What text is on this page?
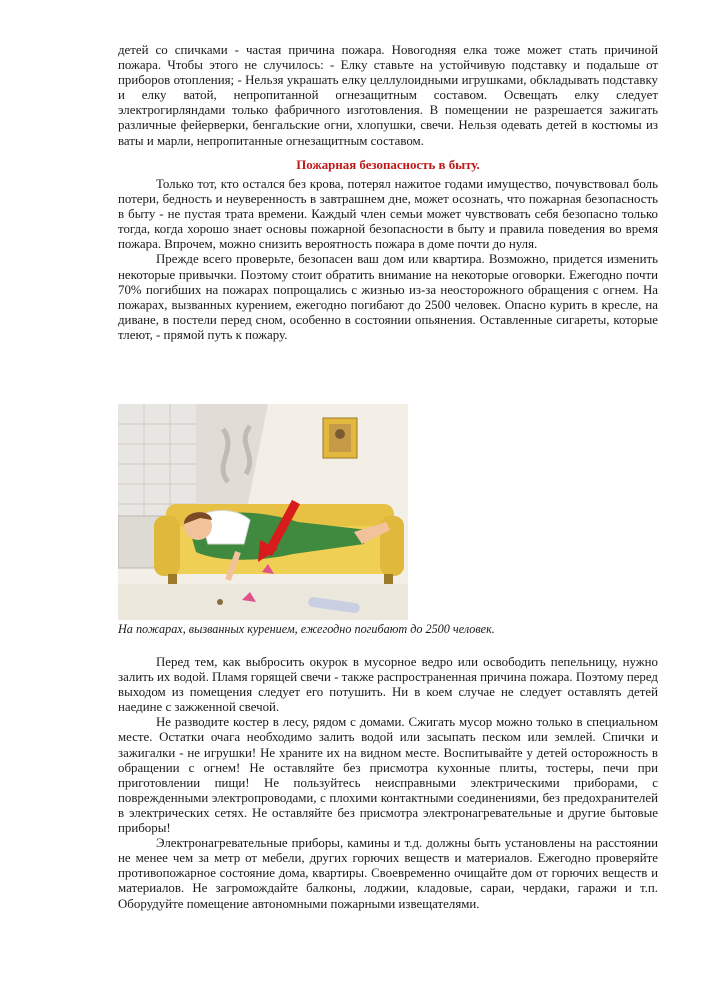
детей со спичками - частая причина пожара. Новогодняя елка тоже может стать причиной пожара. Чтобы этого не случилось: - Елку ставьте на устойчивую подставку и подальше от приборов отопления; - Нельзя украшать елку целлулоидными игрушками, обкладывать подставку и елку ватой, непропитанной огнезащитным составом. Освещать елку следует электрогирляндами только фабричного изготовления. В помещении не разрешается зажигать различные фейерверки, бенгальские огни, хлопушки, свечи. Нельзя одевать детей в костюмы из ваты и марли, непропитанные огнезащитным составом.

Пожарная безопасность в быту.

Только тот, кто остался без крова, потерял нажитое годами имущество, почувствовал боль потери, бедность и неуверенность в завтрашнем дне, может осознать, что пожарная безопасность в быту - не пустая трата времени. Каждый член семьи может чувствовать себя безопасно только тогда, когда хорошо знает основы пожарной безопасности в быту и правила поведения во время пожара. Впрочем, можно снизить вероятность пожара в доме почти до нуля.

Прежде всего проверьте, безопасен ваш дом или квартира. Возможно, придется изменить некоторые привычки. Поэтому стоит обратить внимание на некоторые оговорки. Ежегодно почти 70% погибших на пожарах попрощались с жизнью из-за неосторожного обращения с огнем. На пожарах, вызванных курением, ежегодно погибают до 2500 человек. Опасно курить в кресле, на диване, в постели перед сном, особенно в состоянии опьянения. Оставленные сигареты, которые тлеют, - прямой путь к пожару.

На пожарах, вызванных курением, ежегодно погибают до 2500 человек.

Перед тем, как выбросить окурок в мусорное ведро или освободить пепельницу, нужно залить их водой. Пламя горящей свечи - также распространенная причина пожара. Поэтому перед выходом из помещения следует его потушить. Ни в коем случае не следует оставлять детей наедине с зажженной свечой.

Не разводите костер в лесу, рядом с домами. Сжигать мусор можно только в специальном месте. Остатки очага необходимо залить водой или засыпать песком или землей. Спички и зажигалки - не игрушки! Не храните их на видном месте. Воспитывайте у детей осторожность в обращении с огнем! Не оставляйте без присмотра кухонные плиты, тостеры, печи при приготовлении пищи! Не пользуйтесь неисправными электрическими приборами, с поврежденными электропроводами, с плохими контактными соединениями, без предохранителей в электрических сетях. Не оставляйте без присмотра электронагревательные и другие бытовые приборы!

Электронагревательные приборы, камины и т.д. должны быть установлены на расстоянии не менее чем за метр от мебели, других горючих веществ и материалов. Ежегодно проверяйте противопожарное состояние дома, квартиры. Своевременно очищайте дом от горючих веществ и материалов. Не загромождайте балконы, лоджии, кладовые, сараи, чердаки, гаражи и т.п. Оборудуйте помещение автономными пожарными извещателями.
